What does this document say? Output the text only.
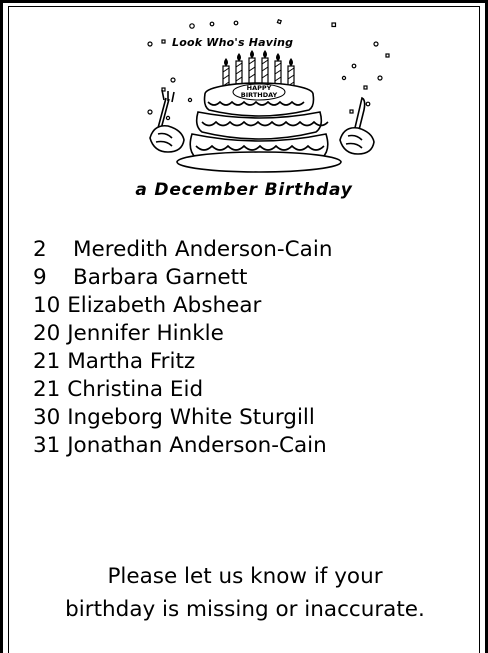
HAPPY
BIRTHDAY
Look Who's Having
a December Birthday
2 Meredith Anderson-Cain
9 Barbara Garnett
10 Elizabeth Abshear
20 Jennifer Hinkle
21 Martha Fritz
21 Christina Eid
30 Ingeborg White Sturgill
31 Jonathan Anderson-Cain
Please let us know if your
birthday is missing or inaccurate.
